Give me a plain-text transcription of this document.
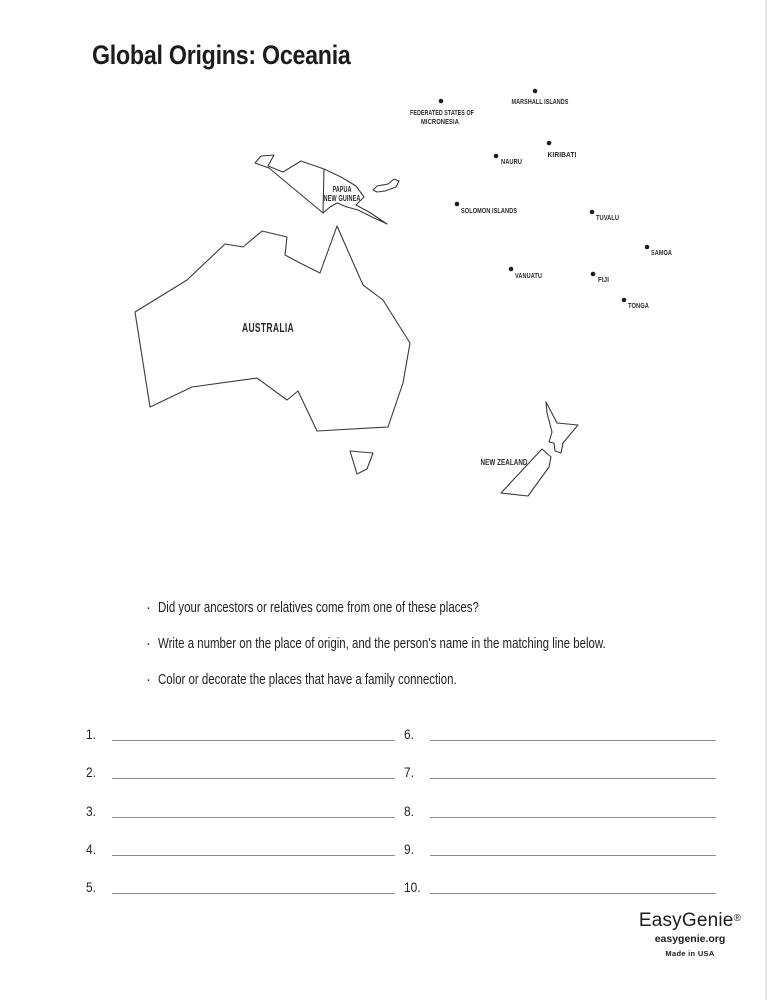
Global Origins: Oceania
FEDERATED STATES OF
MICRONESIA
MARSHALL ISLANDS
KIRIBATI
NAURU
SOLOMON ISLANDS
TUVALU
SAMOA
VANUATU	FIJI
TONGA
PAPUA
NEW GUINEA
AUSTRALIA
NEW ZEALAND
· Did your ancestors or relatives come from one of these places?
· Write a number on the place of origin, and the person's name in the matching line below.
· Color or decorate the places that have a family connection.
1.
2.
3.
4.
5.
6.
7.
8.
9.
10.
EasyGenie®
easygenie.org
Made in USA
